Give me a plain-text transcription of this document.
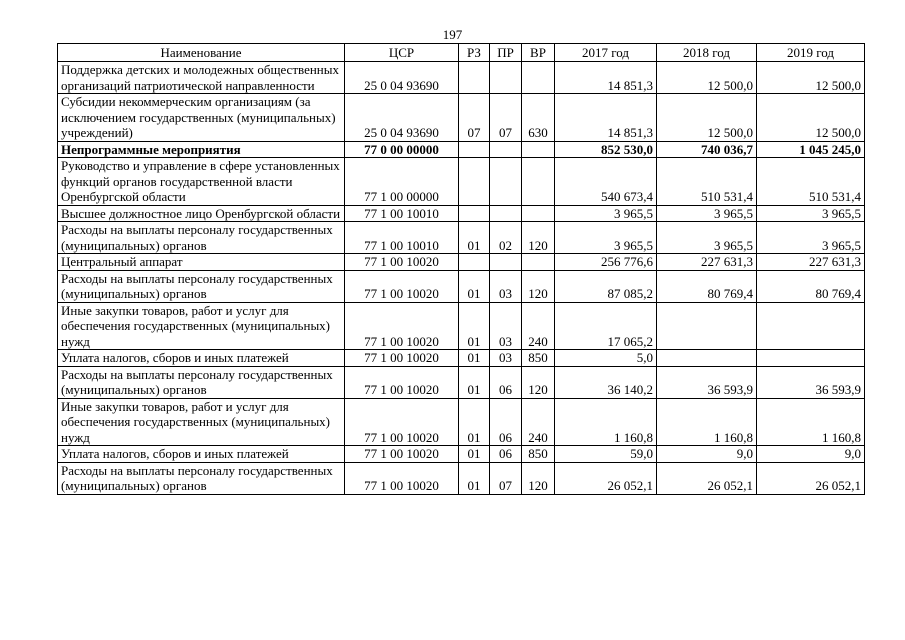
197
Наименование	ЦСР	РЗ	ПР	ВР	2017 год	2018 год	2019 год
Поддержка детских и молодежных общественных организаций патриотической направленности	25 0 04 93690				14 851,3	12 500,0	12 500,0
Субсидии некоммерческим организациям (за исключением государственных (муниципальных) учреждений)	25 0 04 93690	07	07	630	14 851,3	12 500,0	12 500,0
Непрограммные мероприятия	77 0 00 00000				852 530,0	740 036,7	1 045 245,0
Руководство и управление в сфере установленных функций органов государственной власти Оренбургской области	77 1 00 00000				540 673,4	510 531,4	510 531,4
Высшее должностное лицо Оренбургской области	77 1 00 10010				3 965,5	3 965,5	3 965,5
Расходы на выплаты персоналу государственных (муниципальных) органов	77 1 00 10010	01	02	120	3 965,5	3 965,5	3 965,5
Центральный аппарат	77 1 00 10020				256 776,6	227 631,3	227 631,3
Расходы на выплаты персоналу государственных (муниципальных) органов	77 1 00 10020	01	03	120	87 085,2	80 769,4	80 769,4
Иные закупки товаров, работ и услуг для обеспечения государственных (муниципальных) нужд	77 1 00 10020	01	03	240	17 065,2		
Уплата налогов, сборов и иных платежей	77 1 00 10020	01	03	850	5,0		
Расходы на выплаты персоналу государственных (муниципальных) органов	77 1 00 10020	01	06	120	36 140,2	36 593,9	36 593,9
Иные закупки товаров, работ и услуг для обеспечения государственных (муниципальных) нужд	77 1 00 10020	01	06	240	1 160,8	1 160,8	1 160,8
Уплата налогов, сборов и иных платежей	77 1 00 10020	01	06	850	59,0	9,0	9,0
Расходы на выплаты персоналу государственных (муниципальных) органов	77 1 00 10020	01	07	120	26 052,1	26 052,1	26 052,1
